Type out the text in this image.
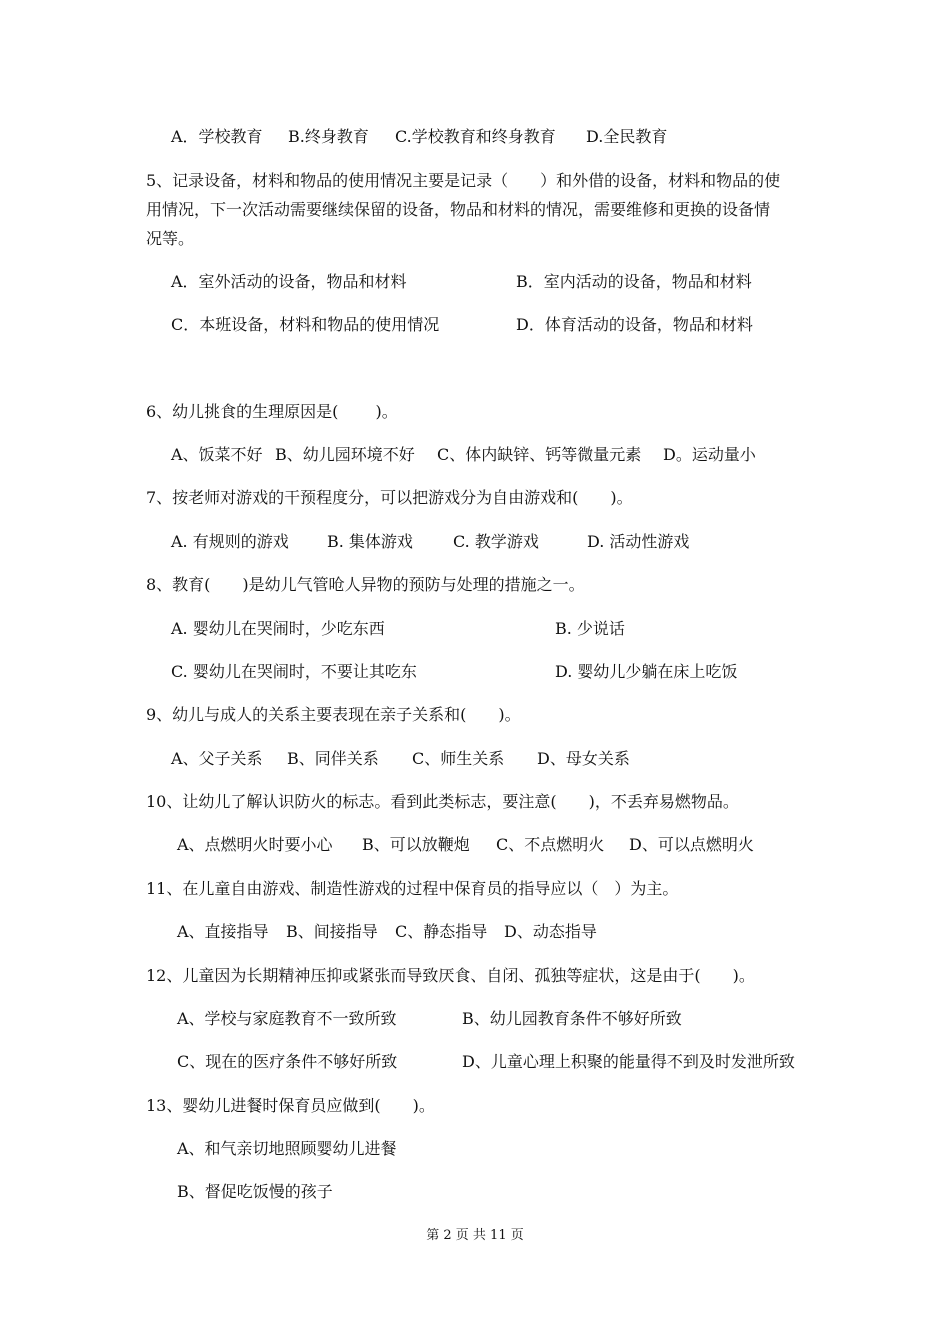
A．学校教育 B.终身教育 C.学校教育和终身教育 D.全民教育
5、记录设备，材料和物品的使用情况主要是记录（　　）和外借的设备，材料和物品的使
用情况，下一次活动需要继续保留的设备，物品和材料的情况，需要维修和更换的设备情
况等。
A．室外活动的设备，物品和材料	B．室内活动的设备，物品和材料
C．本班设备，材料和物品的使用情况	D．体育活动的设备，物品和材料
6、幼儿挑食的生理原因是(　　 )。
A、饭菜不好 B、幼儿园环境不好 C、体内缺锌、钙等微量元素 D。运动量小
7、按老师对游戏的干预程度分，可以把游戏分为自由游戏和(　　)。
A. 有规则的游戏 B. 集体游戏	C. 教学游戏	D. 活动性游戏
8、教育(　　)是幼儿气管呛人异物的预防与处理的措施之一。
A. 婴幼儿在哭闹时，少吃东西	B. 少说话
C. 婴幼儿在哭闹时，不要让其吃东	D. 婴幼儿少躺在床上吃饭
9、幼儿与成人的关系主要表现在亲子关系和(　　)。
A、父子关系 B、同伴关系 C、师生关系 D、母女关系
10、让幼儿了解认识防火的标志。看到此类标志，要注意(　　)，不丢弃易燃物品。
A、点燃明火时要小心 B、可以放鞭炮 C、不点燃明火 D、可以点燃明火
11、在儿童自由游戏、制造性游戏的过程中保育员的指导应以（　）为主。
A、直接指导 B、间接指导 C、静态指导 D、动态指导
12、儿童因为长期精神压抑或紧张而导致厌食、自闭、孤独等症状，这是由于(　　)。
A、学校与家庭教育不一致所致	B、幼儿园教育条件不够好所致
C、现在的医疗条件不够好所致	D、儿童心理上积聚的能量得不到及时发泄所致
13、婴幼儿进餐时保育员应做到(　　)。
A、和气亲切地照顾婴幼儿进餐
B、督促吃饭慢的孩子
第 2 页 共 11 页
